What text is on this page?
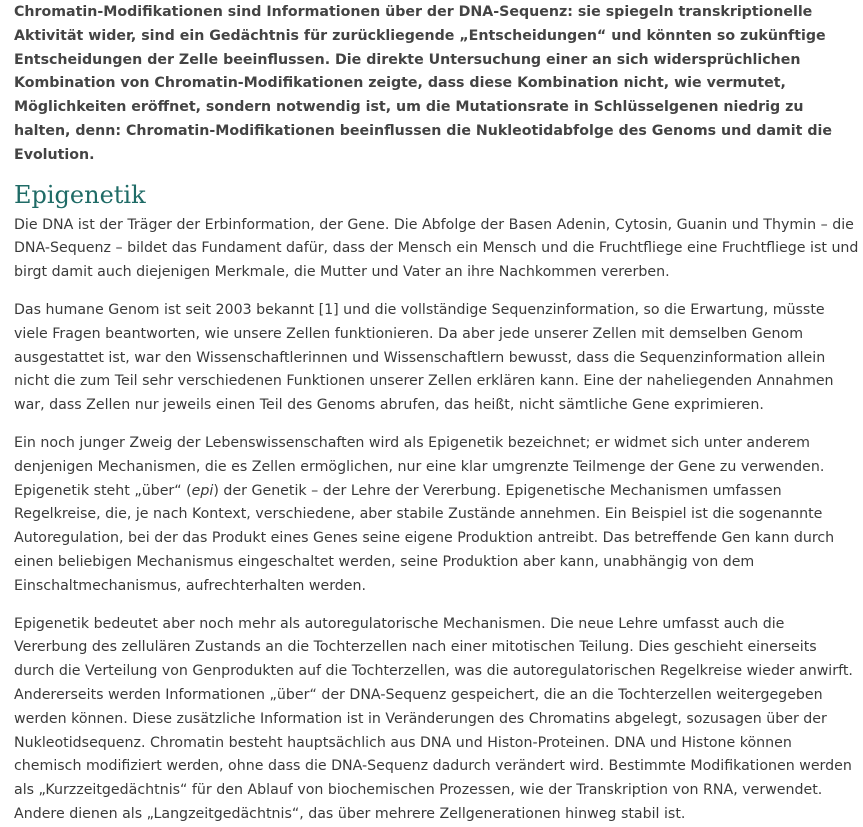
Chromatin-Modifikationen sind Informationen über der DNA-Sequenz: sie spiegeln transkriptionelle Aktivität wider, sind ein Gedächtnis für zurückliegende „Entscheidungen“ und könnten so zukünftige Entscheidungen der Zelle beeinflussen. Die direkte Untersuchung einer an sich widersprüchlichen Kombination von Chromatin-Modifikationen zeigte, dass diese Kombination nicht, wie vermutet, Möglichkeiten eröffnet, sondern notwendig ist, um die Mutationsrate in Schlüsselgenen niedrig zu halten, denn: Chromatin-Modifikationen beeinflussen die Nukleotidabfolge des Genoms und damit die Evolution.

Epigenetik

Die DNA ist der Träger der Erbinformation, der Gene. Die Abfolge der Basen Adenin, Cytosin, Guanin und Thymin – die DNA-Sequenz – bildet das Fundament dafür, dass der Mensch ein Mensch und die Fruchtfliege eine Fruchtfliege ist und birgt damit auch diejenigen Merkmale, die Mutter und Vater an ihre Nachkommen vererben.

Das humane Genom ist seit 2003 bekannt [1] und die vollständige Sequenzinformation, so die Erwartung, müsste viele Fragen beantworten, wie unsere Zellen funktionieren. Da aber jede unserer Zellen mit demselben Genom ausgestattet ist, war den Wissenschaftlerinnen und Wissenschaftlern bewusst, dass die Sequenzinformation allein nicht die zum Teil sehr verschiedenen Funktionen unserer Zellen erklären kann. Eine der naheliegenden Annahmen war, dass Zellen nur jeweils einen Teil des Genoms abrufen, das heißt, nicht sämtliche Gene exprimieren.

Ein noch junger Zweig der Lebenswissenschaften wird als Epigenetik bezeichnet; er widmet sich unter anderem denjenigen Mechanismen, die es Zellen ermöglichen, nur eine klar umgrenzte Teilmenge der Gene zu verwenden. Epigenetik steht „über“ (epi) der Genetik – der Lehre der Vererbung. Epigenetische Mechanismen umfassen Regelkreise, die, je nach Kontext, verschiedene, aber stabile Zustände annehmen. Ein Beispiel ist die sogenannte Autoregulation, bei der das Produkt eines Genes seine eigene Produktion antreibt. Das betreffende Gen kann durch einen beliebigen Mechanismus eingeschaltet werden, seine Produktion aber kann, unabhängig von dem Einschaltmechanismus, aufrechterhalten werden.

Epigenetik bedeutet aber noch mehr als autoregulatorische Mechanismen. Die neue Lehre umfasst auch die Vererbung des zellulären Zustands an die Tochterzellen nach einer mitotischen Teilung. Dies geschieht einerseits durch die Verteilung von Genprodukten auf die Tochterzellen, was die autoregulatorischen Regelkreise wieder anwirft. Andererseits werden Informationen „über“ der DNA-Sequenz gespeichert, die an die Tochterzellen weitergegeben werden können. Diese zusätzliche Information ist in Veränderungen des Chromatins abgelegt, sozusagen über der Nukleotidsequenz. Chromatin besteht hauptsächlich aus DNA und Histon-Proteinen. DNA und Histone können chemisch modifiziert werden, ohne dass die DNA-Sequenz dadurch verändert wird. Bestimmte Modifikationen werden als „Kurzzeitgedächtnis“ für den Ablauf von biochemischen Prozessen, wie der Transkription von RNA, verwendet. Andere dienen als „Langzeitgedächtnis“, das über mehrere Zellgenerationen hinweg stabil ist.
